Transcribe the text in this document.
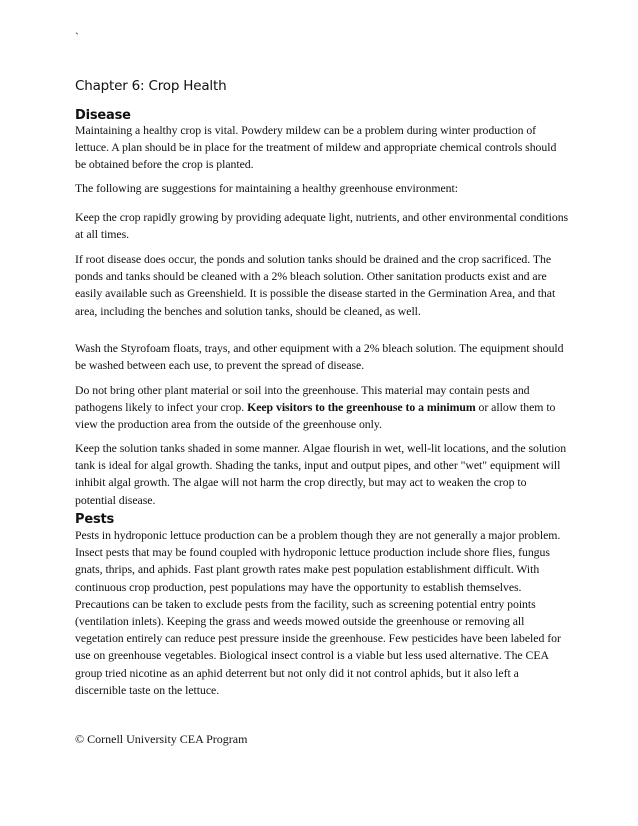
`
Chapter 6: Crop Health
Disease

Maintaining a healthy crop is vital. Powdery mildew can be a problem during winter production of lettuce. A plan should be in place for the treatment of mildew and appropriate chemical controls should be obtained before the crop is planted.

The following are suggestions for maintaining a healthy greenhouse environment:

Keep the crop rapidly growing by providing adequate light, nutrients, and other environmental conditions at all times.

If root disease does occur, the ponds and solution tanks should be drained and the crop sacrificed. The ponds and tanks should be cleaned with a 2% bleach solution. Other sanitation products exist and are easily available such as Greenshield. It is possible the disease started in the Germination Area, and that area, including the benches and solution tanks, should be cleaned, as well.

Wash the Styrofoam floats, trays, and other equipment with a 2% bleach solution. The equipment should be washed between each use, to prevent the spread of disease.

Do not bring other plant material or soil into the greenhouse. This material may contain pests and pathogens likely to infect your crop. Keep visitors to the greenhouse to a minimum or allow them to view the production area from the outside of the greenhouse only.

Keep the solution tanks shaded in some manner. Algae flourish in wet, well-lit locations, and the solution tank is ideal for algal growth. Shading the tanks, input and output pipes, and other "wet" equipment will inhibit algal growth. The algae will not harm the crop directly, but may act to weaken the crop to potential disease.

Pests

Pests in hydroponic lettuce production can be a problem though they are not generally a major problem. Insect pests that may be found coupled with hydroponic lettuce production include shore flies, fungus gnats, thrips, and aphids. Fast plant growth rates make pest population establishment difficult. With continuous crop production, pest populations may have the opportunity to establish themselves. Precautions can be taken to exclude pests from the facility, such as screening potential entry points (ventilation inlets). Keeping the grass and weeds mowed outside the greenhouse or removing all vegetation entirely can reduce pest pressure inside the greenhouse. Few pesticides have been labeled for use on greenhouse vegetables. Biological insect control is a viable but less used alternative. The CEA group tried nicotine as an aphid deterrent but not only did it not control aphids, but it also left a discernible taste on the lettuce.

© Cornell University CEA Program
